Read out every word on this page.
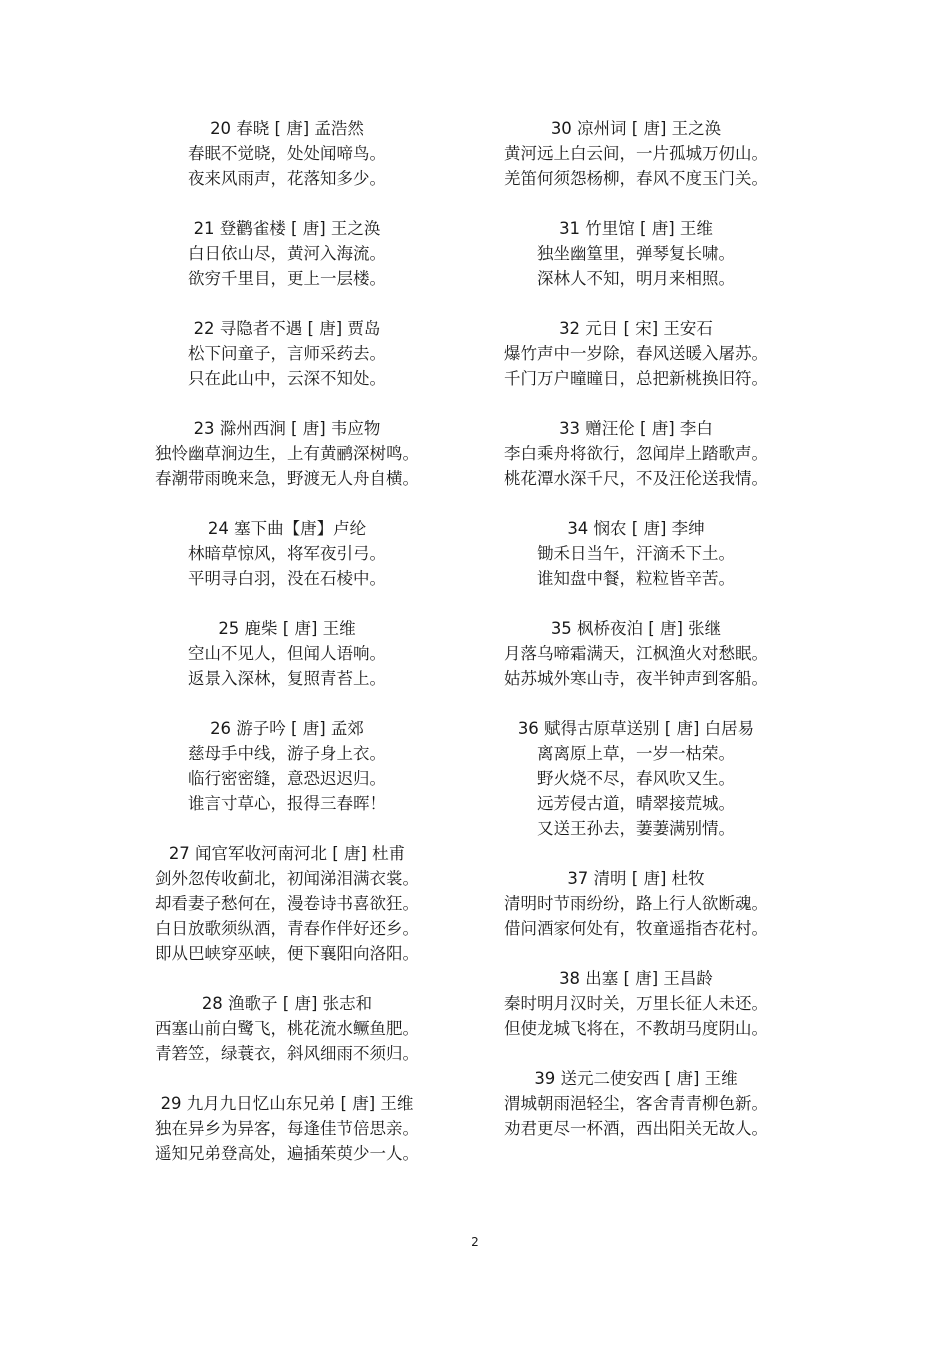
20 春晓 [ 唐] 孟浩然
春眠不觉晓，处处闻啼鸟。
夜来风雨声，花落知多少。
21 登鹳雀楼 [ 唐] 王之涣
白日依山尽，黄河入海流。
欲穷千里目，更上一层楼。
22 寻隐者不遇 [ 唐] 贾岛
松下问童子，言师采药去。
只在此山中，云深不知处。
23 滁州西涧 [ 唐] 韦应物
独怜幽草涧边生，上有黄鹂深树鸣。
春潮带雨晚来急，野渡无人舟自横。
24 塞下曲【唐】卢纶
林暗草惊风，将军夜引弓。
平明寻白羽，没在石棱中。
25 鹿柴 [ 唐] 王维
空山不见人，但闻人语响。
返景入深林，复照青苔上。
26 游子吟 [ 唐] 孟郊
慈母手中线，游子身上衣。
临行密密缝，意恐迟迟归。
谁言寸草心，报得三春晖！
27 闻官军收河南河北 [ 唐] 杜甫
剑外忽传收蓟北，初闻涕泪满衣裳。
却看妻子愁何在，漫卷诗书喜欲狂。
白日放歌须纵酒，青春作伴好还乡。
即从巴峡穿巫峡，便下襄阳向洛阳。
28 渔歌子 [ 唐] 张志和
西塞山前白鹭飞，桃花流水鳜鱼肥。
青箬笠，绿蓑衣，斜风细雨不须归。
29 九月九日忆山东兄弟 [ 唐] 王维
独在异乡为异客，每逢佳节倍思亲。
遥知兄弟登高处，遍插茱萸少一人。
30 凉州词 [ 唐] 王之涣
黄河远上白云间，一片孤城万仞山。
羌笛何须怨杨柳，春风不度玉门关。
31 竹里馆 [ 唐] 王维
独坐幽篁里，弹琴复长啸。
深林人不知，明月来相照。
32 元日 [ 宋] 王安石
爆竹声中一岁除，春风送暖入屠苏。
千门万户曈曈日，总把新桃换旧符。
33 赠汪伦 [ 唐] 李白
李白乘舟将欲行，忽闻岸上踏歌声。
桃花潭水深千尺，不及汪伦送我情。
34 悯农 [ 唐] 李绅
锄禾日当午，汗滴禾下土。
谁知盘中餐，粒粒皆辛苦。
35 枫桥夜泊 [ 唐] 张继
月落乌啼霜满天，江枫渔火对愁眠。
姑苏城外寒山寺，夜半钟声到客船。
36 赋得古原草送别 [ 唐] 白居易
离离原上草，一岁一枯荣。
野火烧不尽，春风吹又生。
远芳侵古道，晴翠接荒城。
又送王孙去，萋萋满别情。
37 清明 [ 唐] 杜牧
清明时节雨纷纷，路上行人欲断魂。
借问酒家何处有，牧童遥指杏花村。
38 出塞 [ 唐] 王昌龄
秦时明月汉时关，万里长征人未还。
但使龙城飞将在，不教胡马度阴山。
39 送元二使安西 [ 唐] 王维
渭城朝雨浥轻尘，客舍青青柳色新。
劝君更尽一杯酒，西出阳关无故人。
2
